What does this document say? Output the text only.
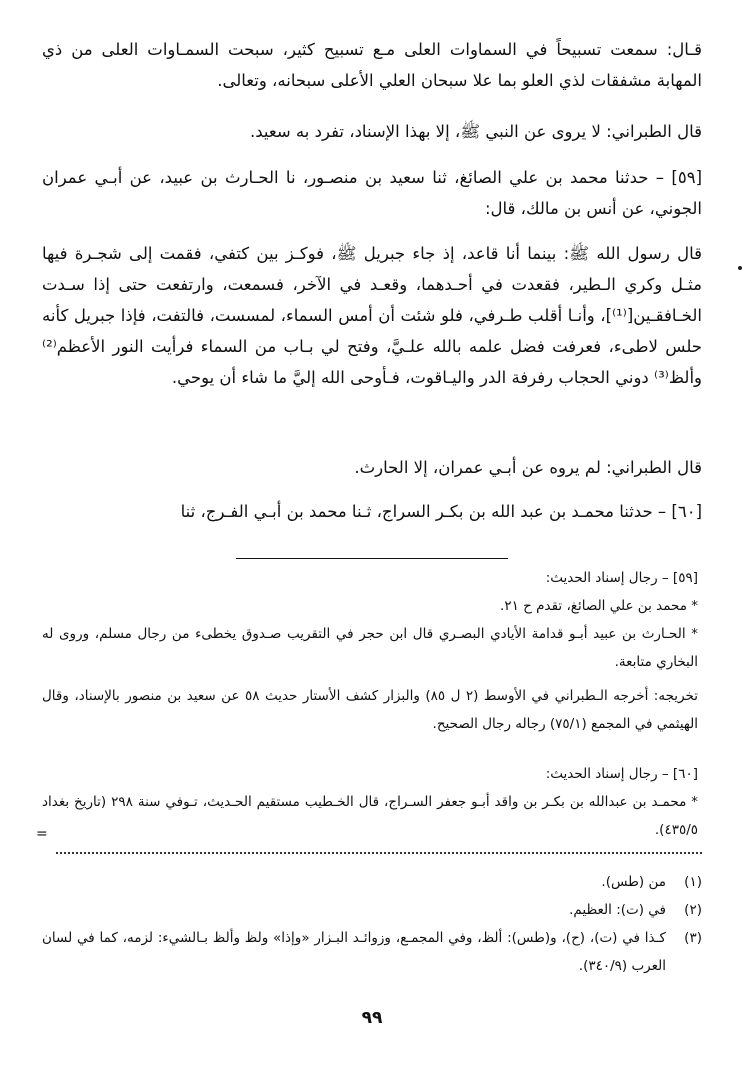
قـال: سمعت تسبيحاً في السماوات العلى مـع تسبيح كثير، سبحت السمـاوات العلى من ذي المهابة مشفقات لذي العلو بما علا سبحان العلي الأعلى سبحانه، وتعالى.

قال الطبراني: لا يروى عن النبي ﷺ، إلا بهذا الإسناد، تفرد به سعيد.

[٥٩] – حدثنا محمد بن علي الصائغ، ثنا سعيد بن منصـور، نا الحـارث بن عبيد، عن أبـي عمران الجوني، عن أنس بن مالك، قال:

قال رسول الله ﷺ: بينما أنا قاعد، إذ جاء جبريل ﷺ، فوكـز بين كتفي، فقمت إلى شجـرة فيها مثـل وكري الـطير، فقعدت في أحـدهما، وقعـد في الآخر، فسمعت، وارتفعت حتى إذا سـدت الخـافقـين[⁽¹⁾]، وأنـا أقلب طـرفي، فلو شئت أن أمس السماء، لمسست، فالتفت، فإذا جبريل كأنه حلس لاطىء، فعرفت فضل علمه بالله علـيَّ، وفتح لي بـاب من السماء فرأيت النور الأعظم⁽²⁾ وألظ⁽³⁾ دوني الحجاب رفرفة الدر واليـاقوت، فـأوحى الله إليَّ ما شاء أن يوحي.

قال الطبراني: لم يروه عن أبـي عمران، إلا الحارث.

[٦٠] – حدثنا محمـد بن عبد الله بن بكـر السراج، ثـنا محمد بن أبـي الفـرج، ثنا

[٥٩] – رجال إسناد الحديث:
* محمد بن علي الصائغ، تقدم ح ٢١.
* الحـارث بن عبيد أبـو قدامة الأيادي البصـري قال ابن حجر في التقريب صـدوق يخطىء من رجال مسلم، وروى له البخاري متابعة.
تخريجه: أخرجه الـطبراني في الأوسط (٢ ل ٨٥) والبزار كشف الأستار حديث ٥٨ عن سعيد بن منصور بالإسناد، وقال الهيثمي في المجمع (٧٥/١) رجاله رجال الصحيح.
[٦٠] – رجال إسناد الحديث:
* محمـد بن عبدالله بن بكـر بن واقد أبـو جعفر السـراج، قال الخـطيب مستقيم الحـديث، تـوفي سنة ٢٩٨ (تاريخ بغداد ٤٣٥/٥).
(١)
من (طس).
(٢)
في (ت): العظيم.
(٣)
كـذا في (ت)، (ح)، و(طس): ألظ، وفي المجمـع، وزوائـد البـزار «وإذا» ولظ وألظ بـالشيء: لزمه، كما في لسان العرب (٣٤٠/٩).
٩٩
=
